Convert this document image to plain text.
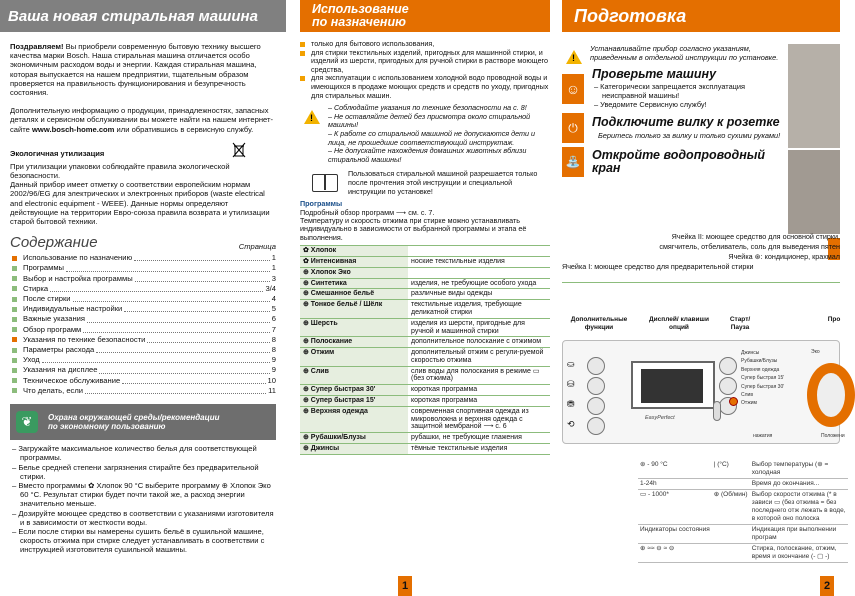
Ваша новая стиральная машина

Поздравляем! Вы приобрели современную бытовую технику высшего качества марки Bosch. Наша стиральная машина отличается особо экономичным расходом воды и энергии. Каждая стиральная машина, которая выпускается на нашем предприятии, тщательным образом проверяется на правильность функционирования и безупречность состояния.

Дополнительную информацию о продукции, принадлежностях, запасных деталях и сервисном обслуживании вы можете найти на нашем интернет-сайте www.bosch-home.com или обратившись в сервисную службу.

Экологичная утилизация

При утилизации упаковки соблюдайте правила экологической безопасности.

Данный прибор имеет отметку о соответствии европейским нормам 2002/96/EG для электрических и электронных приборов (waste electrical and electronic equipment - WEEE). Данные нормы определяют действующие на территории Евро-союза правила возврата и утилизации старой бытовой техники.

Содержание	Страница
Использование по назначению	1
Программы	1
Выбор и настройка программы	3
Стирка	3/4
После стирки	4
Индивидуальные настройки	5
Важные указания	6
Обзор программ	7
Указания по технике безопасности	8
Параметры расхода	8
Уход	9
Указания на дисплее	9
Техническое обслуживание	10
Что делать, если	11
❦	Охрана окружающей среды/рекомендации
по экономному пользованию
– Загружайте максимальное количество белья для соответствующей программы.
– Белье средней степени загрязнения стирайте без предварительной стирки.
– Вместо программы ✿ Хлопок 90 °C выберите программу ⊕ Хлопок Эко 60 °C. Результат стирки будет почти такой же, а расход энергии значительно меньше.
– Дозируйте моющее средство в соответствии с указаниями изготовителя и в зависимости от жесткости воды.
– Если после стирки вы намерены сушить бельё в сушильной машине, скорость отжима при стирке следует устанавливать в соответствии с инструкцией изготовителя сушильной машины.
Использование
по назначению
только для бытового использования,
для стирки текстильных изделий, пригодных для машинной стирки, и изделий из шерсти, пригодных для ручной стирки в растворе моющего средства,
для эксплуатации с использованием холодной водо проводной воды и имеющихся в продаже моющих средств и средств по уходу, пригодных для стиральных машин.
!
– Соблюдайте указания по технике безопасности на с. 8!
– Не оставляйте детей без присмотра около стиральной машины!
– К работе со стиральной машиной не допускаются дети и лица, не прошедшие соответствующий инструктаж.
– Не допускайте нахождения домашних животных вблизи стиральной машины!

Пользоваться стиральной машиной разрешается только после прочтения этой инструкции и специальной инструкции по установке!

Программы

Подробный обзор программ ⟶ см. с. 7.

Температуру и скорость отжима при стирке можно устанавливать индивидуально в зависимости от выбранной программы и этапа её выполнения.

✿ Хлопок	
✿ Интенсивная	ноские текстильные изделия
⊕ Хлопок Эко	
⊕ Синтетика	изделия, не требующие особого ухода
⊕ Смешанное бельё	различные виды одежды
⊕ Тонкое бельё / Шёлк	текстильные изделия, требующие деликатной стирки
⊕ Шерсть	изделия из шерсти, пригодные для ручной и машинной стирки
⊕ Полоскание	дополнительное полоскание с отжимом
⊕ Отжим	дополнительный отжим с регули-руемой скоростью отжима
⊕ Слив	слив воды для полоскания в режиме ▭ (без отжима)
⊕ Супер быстрая 30'	короткая программа
⊕ Супер быстрая 15'	короткая программа
⊕ Верхняя одежда	современная спортивная одежда из микроволокна и верхняя одежда с защитной мембраной ⟶ с. 6
⊕ Рубашки/Блузы	рубашки, не требующие глажения
⊕ Джинсы	тёмные текстильные изделия
1
Подготовка
!

Устанавливайте прибор согласно указаниям, приведенным в отдельной инструкции по установке.

☺
Проверьте машину
– Категорически запрещается эксплуатация неисправной машины!
– Уведомите Сервисную службу!
⏻	Подключите вилку к розетке

Беритесь только за вилку и только сухими руками!

⛲ Откройте водопроводный
кран
Ячейка II: моющее средство для основной стирки,
смягчитель, отбеливатель, соль для выведения пятен
Ячейка ⊛: кондиционер, крахмал
Ячейка I: моющее средство для предварительной стирки
Дополнительные функции
Дисплей/ клавиши опций
Старт/ Пауза
Про
⛀
⛁
⛃
⟲
EasyPerfect
Джинсы
Рубашки/Блузы
Верхняя одежда
Супер быстрая 15'
Супер быстрая 30'
Слив
Отжим
Эко
нажатия	Положени
⊛ - 90 °C	| (°C)	Выбор температуры (⊛ = холодная
1-24h		Время до окончания...
▭ - 1000*	⊕ (Об/мин)	Выбор скорости отжима (* в зависи ▭ (без отжима = без последнего отж лежать в воде, в которой оно полоска
Индикаторы состояния		Индикация при выполнении програм
⊕ ≈≈ ⊖ ≈ ⊖		Стирка, полоскание, отжим, время и окончание (- ▢ -)
2
